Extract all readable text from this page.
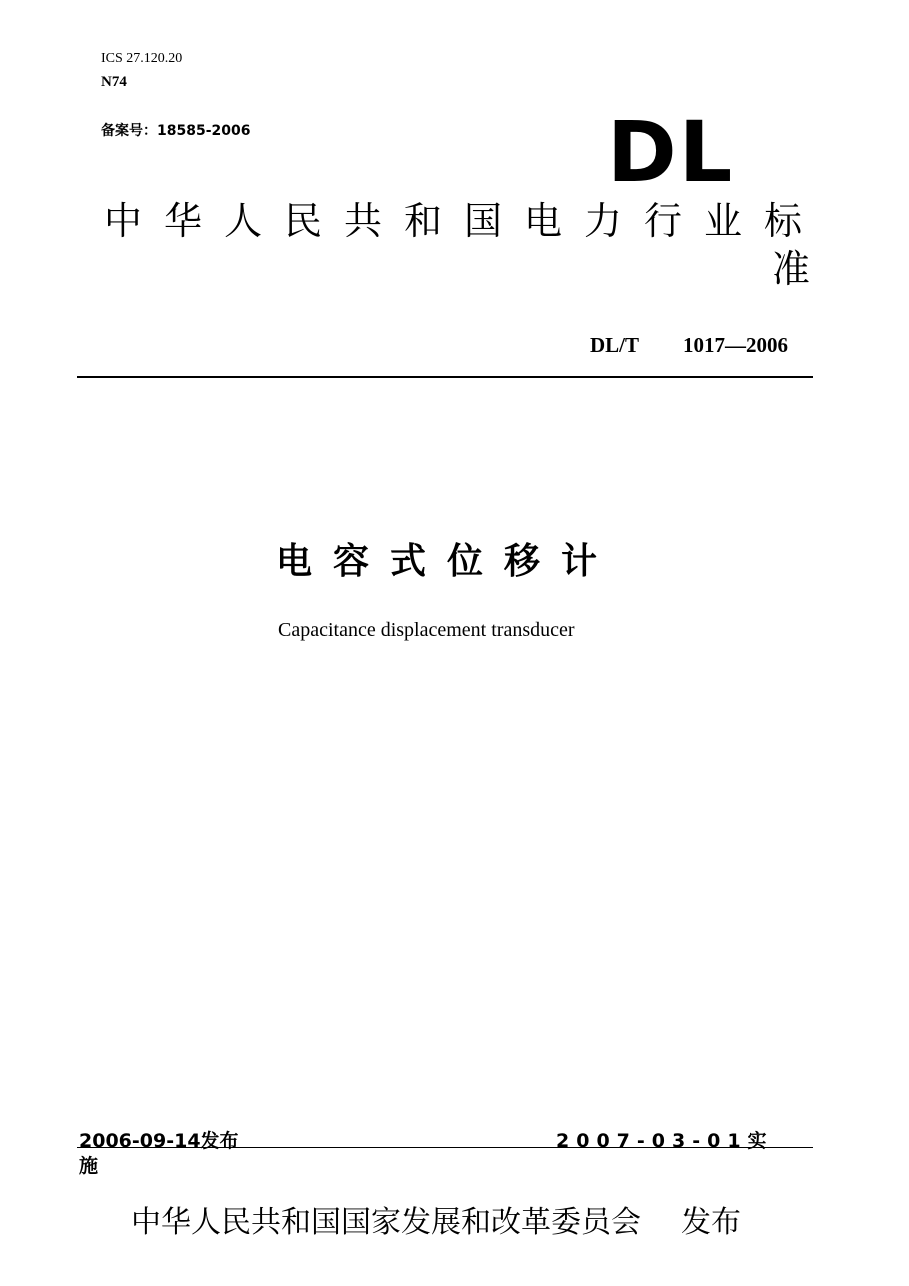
ICS 27.120.20
N74
备案号：18585-2006	DL
中华人民共和国电力行业标
准
DL/T 1017—2006
电容式位移计
Capacitance displacement transducer
2006-09-14发布	2007-03-01实
施
中华人民共和国国家发展和改革委员会 发布
